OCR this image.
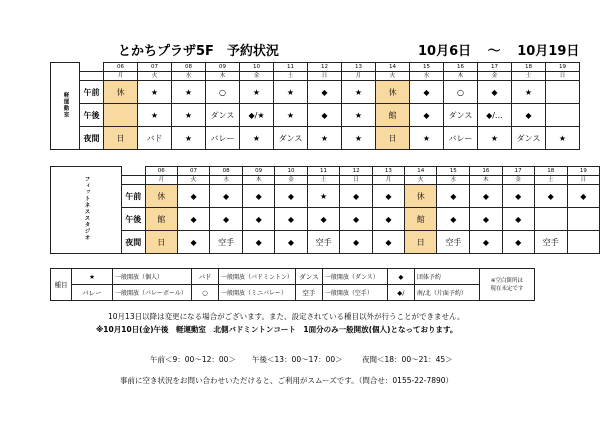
とかちプラザ5F　予約状況	10月6日 ～ 10月19日
軽運動室		06	07	08	09	10	11	12	13	14	15	16	17	18	19
		月	火	水	木	金	土	日	月	火	水	木	金	土	日
	午前	休	★	★	○	★	★	◆	★	休	◆	○	◆	★	
	午後		★	★	ダンス	◆/★	★	◆	★	館	◆	ダンス	◆/…	◆	
	夜間	日	バド	★	バレー	★	ダンス	★	★	日	★	バレー	★	ダンス	★
フィットネススタジオ		06	07	08	09	10	11	12	13	14	15	16	17	18	19
		月	火	水	木	金	土	日	月	火	水	木	金	土	日
	午前	休	◆	◆	◆	◆	★	◆	◆	休	◆	◆	◆	◆	◆
	午後	館	◆	◆	◆	◆	◆	◆	◆	館	◆	◆	◆		
	夜間	日	◆	空手	◆	◆	空手	◆	◆	日	空手	◆	◆	空手	
種目	★	一般開放（個人）	バド	一般開放（バドミントン）	ダンス	一般開放（ダンス）	◆	団体予約	※空白箇所は
現在未定です

	バレー	一般開放（バレーボール）	○	一般開放（ミニバレー）	空手	一般開放（空手）	◆/	南/北（片面予約）	
10月13日以降は変更になる場合がございます。また、設定されている種目以外が行うことができません。
※10月10日(金)午後　軽運動室　北側バドミントンコート　1面分のみ一般開放(個人)となっております。
午前＜9：00～12：00＞ 午後＜13：00～17：00＞	夜間＜18：00～21：45＞
事前に空き状況をお問い合わせいただけると、ご利用がスムーズです。（問合せ：0155-22-7890）
